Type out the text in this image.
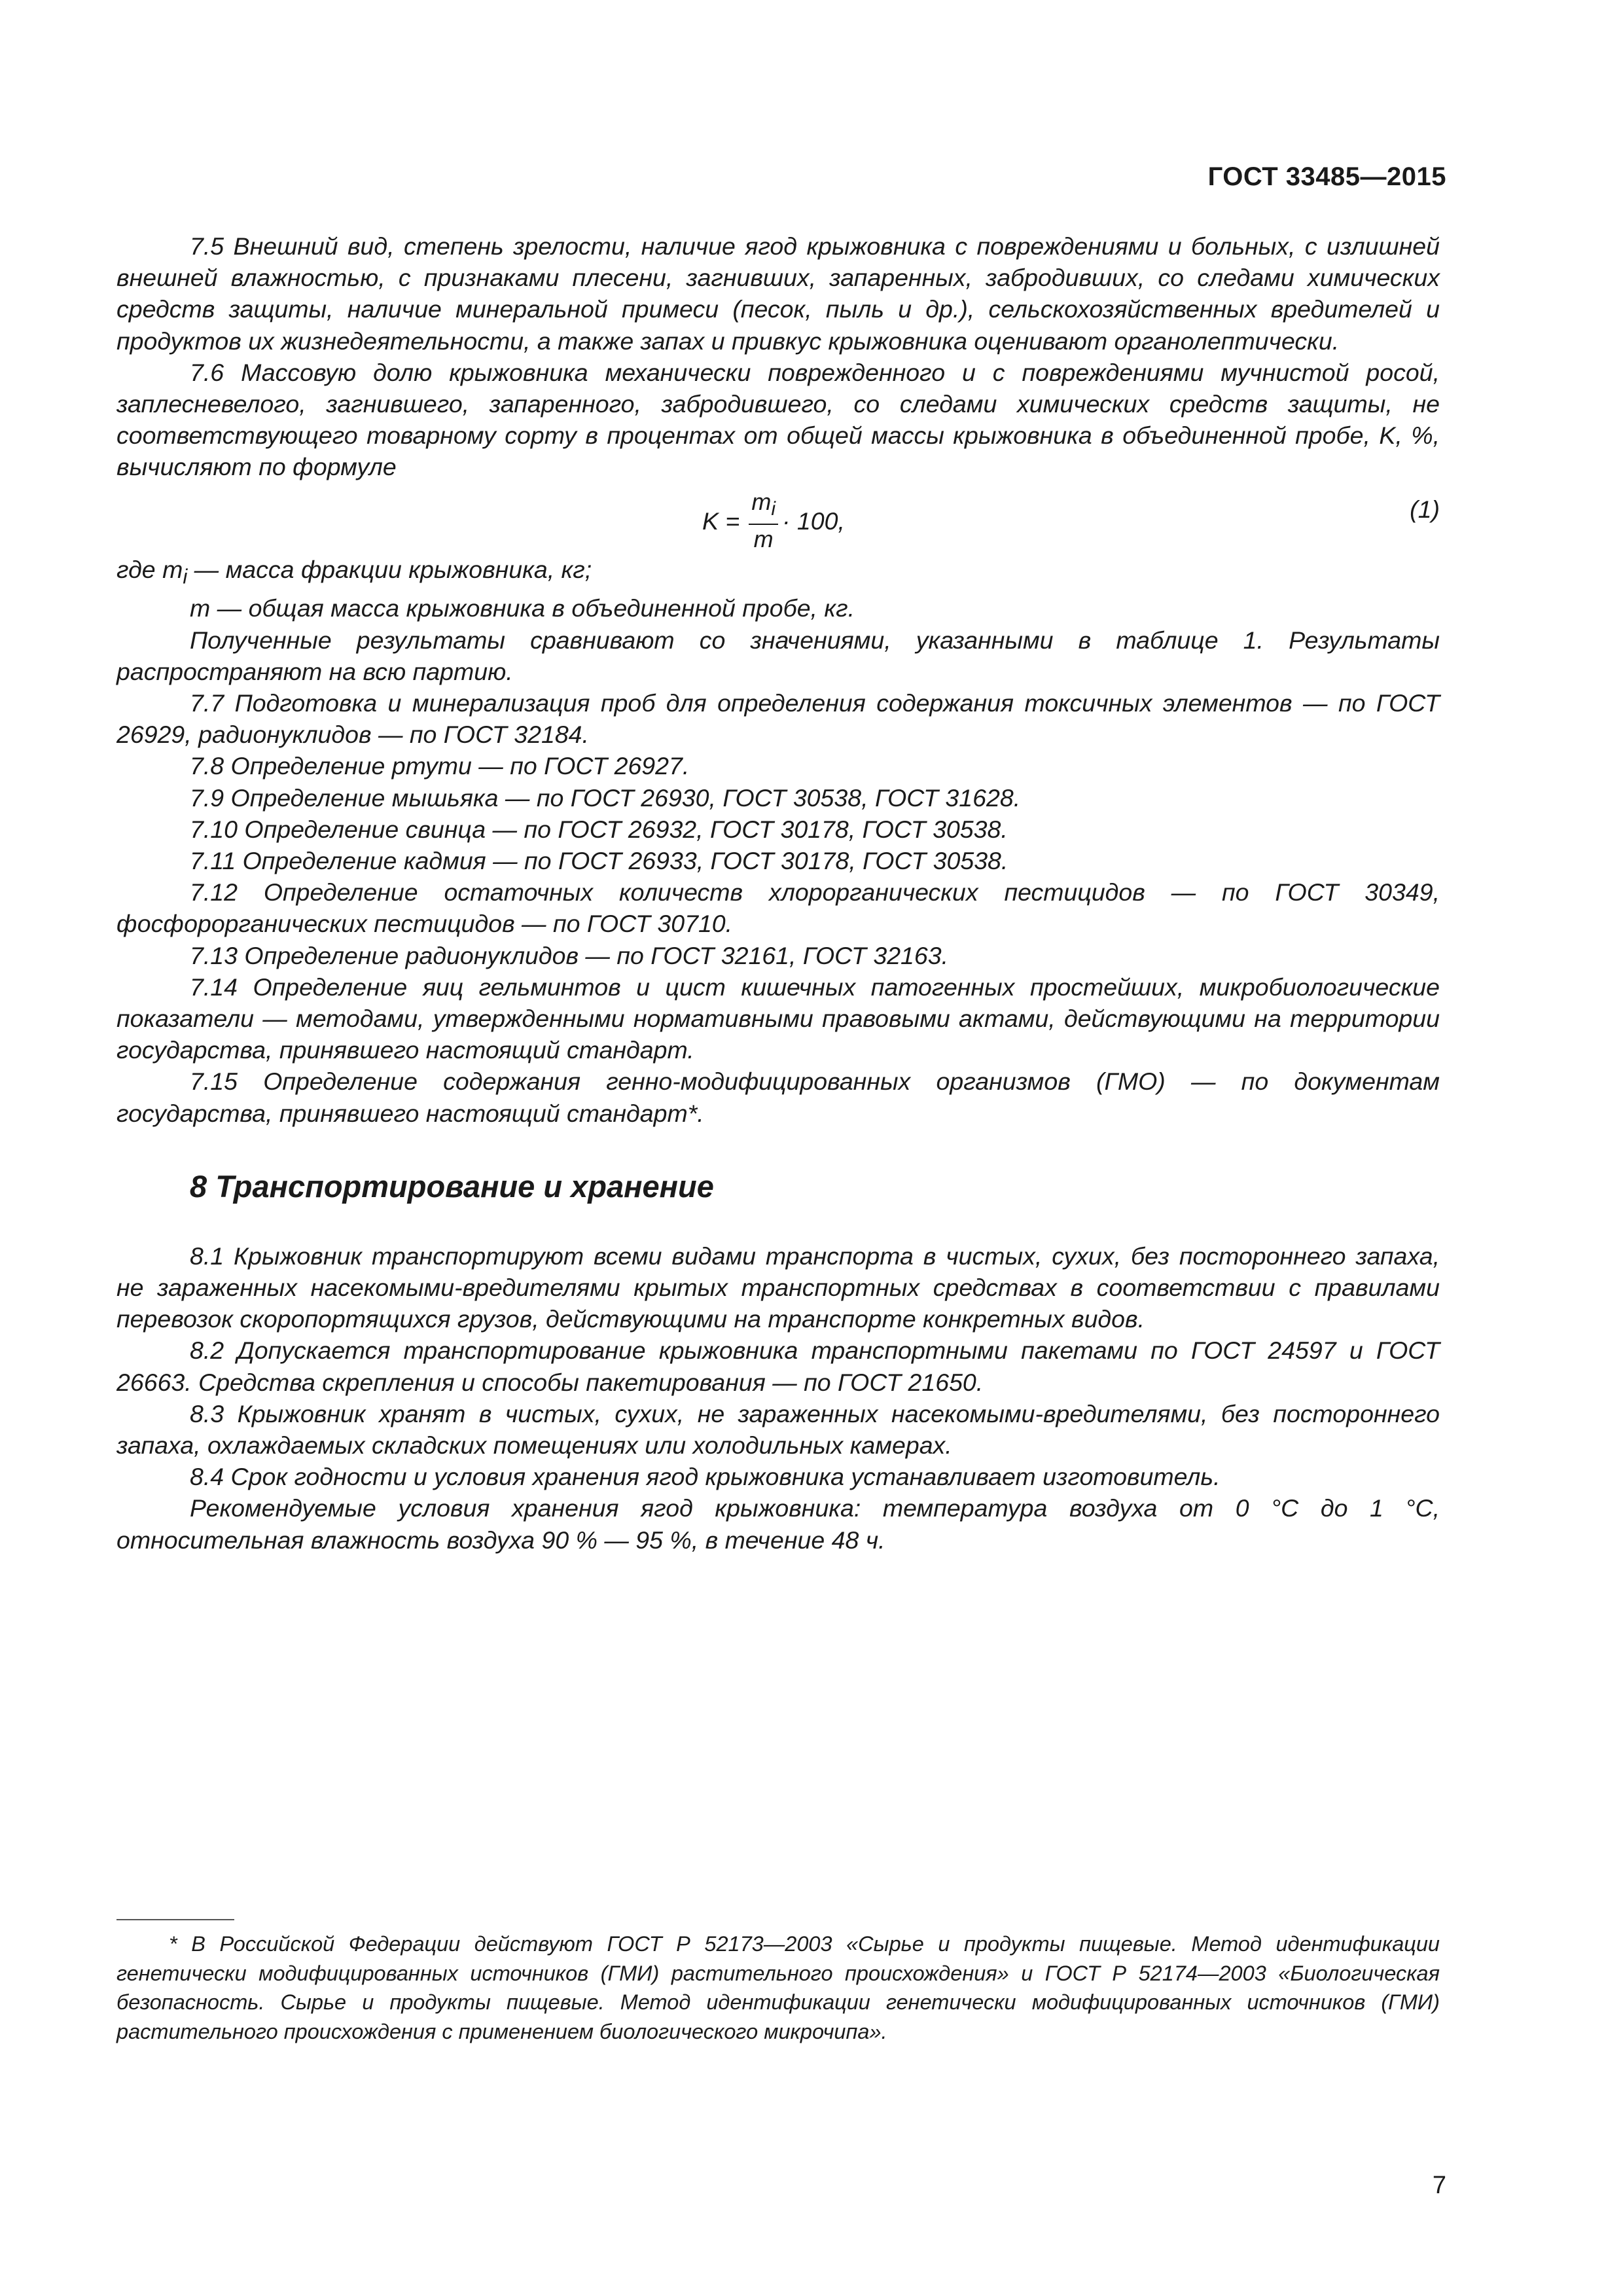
ГОСТ 33485—2015

7.5 Внешний вид, степень зрелости, наличие ягод крыжовника с повреждениями и больных, с излишней внешней влажностью, с признаками плесени, загнивших, запаренных, забродивших, со следами химических средств защиты, наличие минеральной примеси (песок, пыль и др.), сельскохозяйственных вредителей и продуктов их жизнедеятельности, а также запах и привкус крыжовника оценивают органолептически.

7.6 Массовую долю крыжовника механически поврежденного и с повреждениями мучнистой росой, заплесневелого, загнившего, запаренного, забродившего, со следами химических средств защиты, не соответствующего товарному сорту в процентах от общей массы крыжовника в объединенной пробе, K, %, вычисляют по формуле

$K = \frac{m_i}{m} \cdot 100$,	(1)

где $m_i$ — масса фракции крыжовника, кг;

m — общая масса крыжовника в объединенной пробе, кг.

Полученные результаты сравнивают со значениями, указанными в таблице 1. Результаты распространяют на всю партию.

7.7 Подготовка и минерализация проб для определения содержания токсичных элементов — по ГОСТ 26929, радионуклидов — по ГОСТ 32184.

7.8 Определение ртути — по ГОСТ 26927.

7.9 Определение мышьяка — по ГОСТ 26930, ГОСТ 30538, ГОСТ 31628.

7.10 Определение свинца — по ГОСТ 26932, ГОСТ 30178, ГОСТ 30538.

7.11 Определение кадмия — по ГОСТ 26933, ГОСТ 30178, ГОСТ 30538.

7.12 Определение остаточных количеств хлорорганических пестицидов — по ГОСТ 30349, фосфорорганических пестицидов — по ГОСТ 30710.

7.13 Определение радионуклидов — по ГОСТ 32161, ГОСТ 32163.

7.14 Определение яиц гельминтов и цист кишечных патогенных простейших, микробиологические показатели — методами, утвержденными нормативными правовыми актами, действующими на территории государства, принявшего настоящий стандарт.

7.15 Определение содержания генно-модифицированных организмов (ГМО) — по документам государства, принявшего настоящий стандарт*.

8 Транспортирование и хранение

8.1 Крыжовник транспортируют всеми видами транспорта в чистых, сухих, без постороннего запаха, не зараженных насекомыми-вредителями крытых транспортных средствах в соответствии с правилами перевозок скоропортящихся грузов, действующими на транспорте конкретных видов.

8.2 Допускается транспортирование крыжовника транспортными пакетами по ГОСТ 24597 и ГОСТ 26663. Средства скрепления и способы пакетирования — по ГОСТ 21650.

8.3 Крыжовник хранят в чистых, сухих, не зараженных насекомыми-вредителями, без постороннего запаха, охлаждаемых складских помещениях или холодильных камерах.

8.4 Срок годности и условия хранения ягод крыжовника устанавливает изготовитель.

Рекомендуемые условия хранения ягод крыжовника: температура воздуха от 0 °С до 1 °С, относительная влажность воздуха 90 % — 95 %, в течение 48 ч.

* В Российской Федерации действуют ГОСТ Р 52173—2003 «Сырье и продукты пищевые. Метод идентификации генетически модифицированных источников (ГМИ) растительного происхождения» и ГОСТ Р 52174—2003 «Биологическая безопасность. Сырье и продукты пищевые. Метод идентификации генетически модифицированных источников (ГМИ) растительного происхождения с применением биологического микрочипа».

7
